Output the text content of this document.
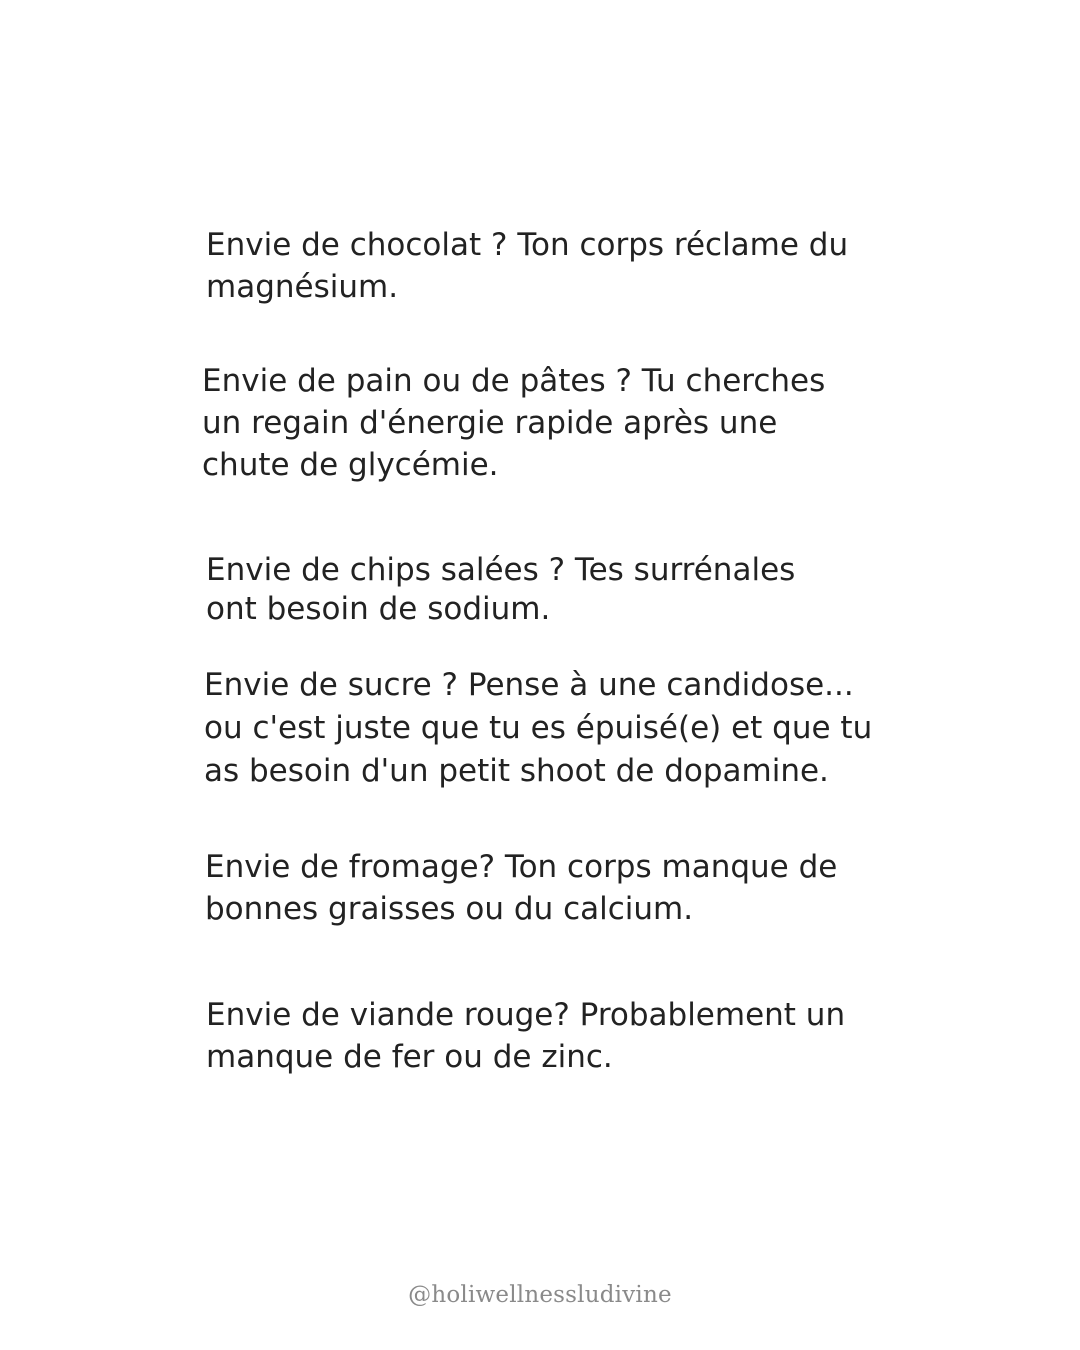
Envie de chocolat ? Ton corps réclame du
magnésium.

Envie de pain ou de pâtes ? Tu cherches
un regain d'énergie rapide après une
chute de glycémie.

Envie de chips salées ? Tes surrénales
ont besoin de sodium.

Envie de sucre ? Pense à une candidose...
ou c'est juste que tu es épuisé(e) et que tu
as besoin d'un petit shoot de dopamine.

Envie de fromage? Ton corps manque de
bonnes graisses ou du calcium.

Envie de viande rouge? Probablement un
manque de fer ou de zinc.

@holiwellnessludivine
